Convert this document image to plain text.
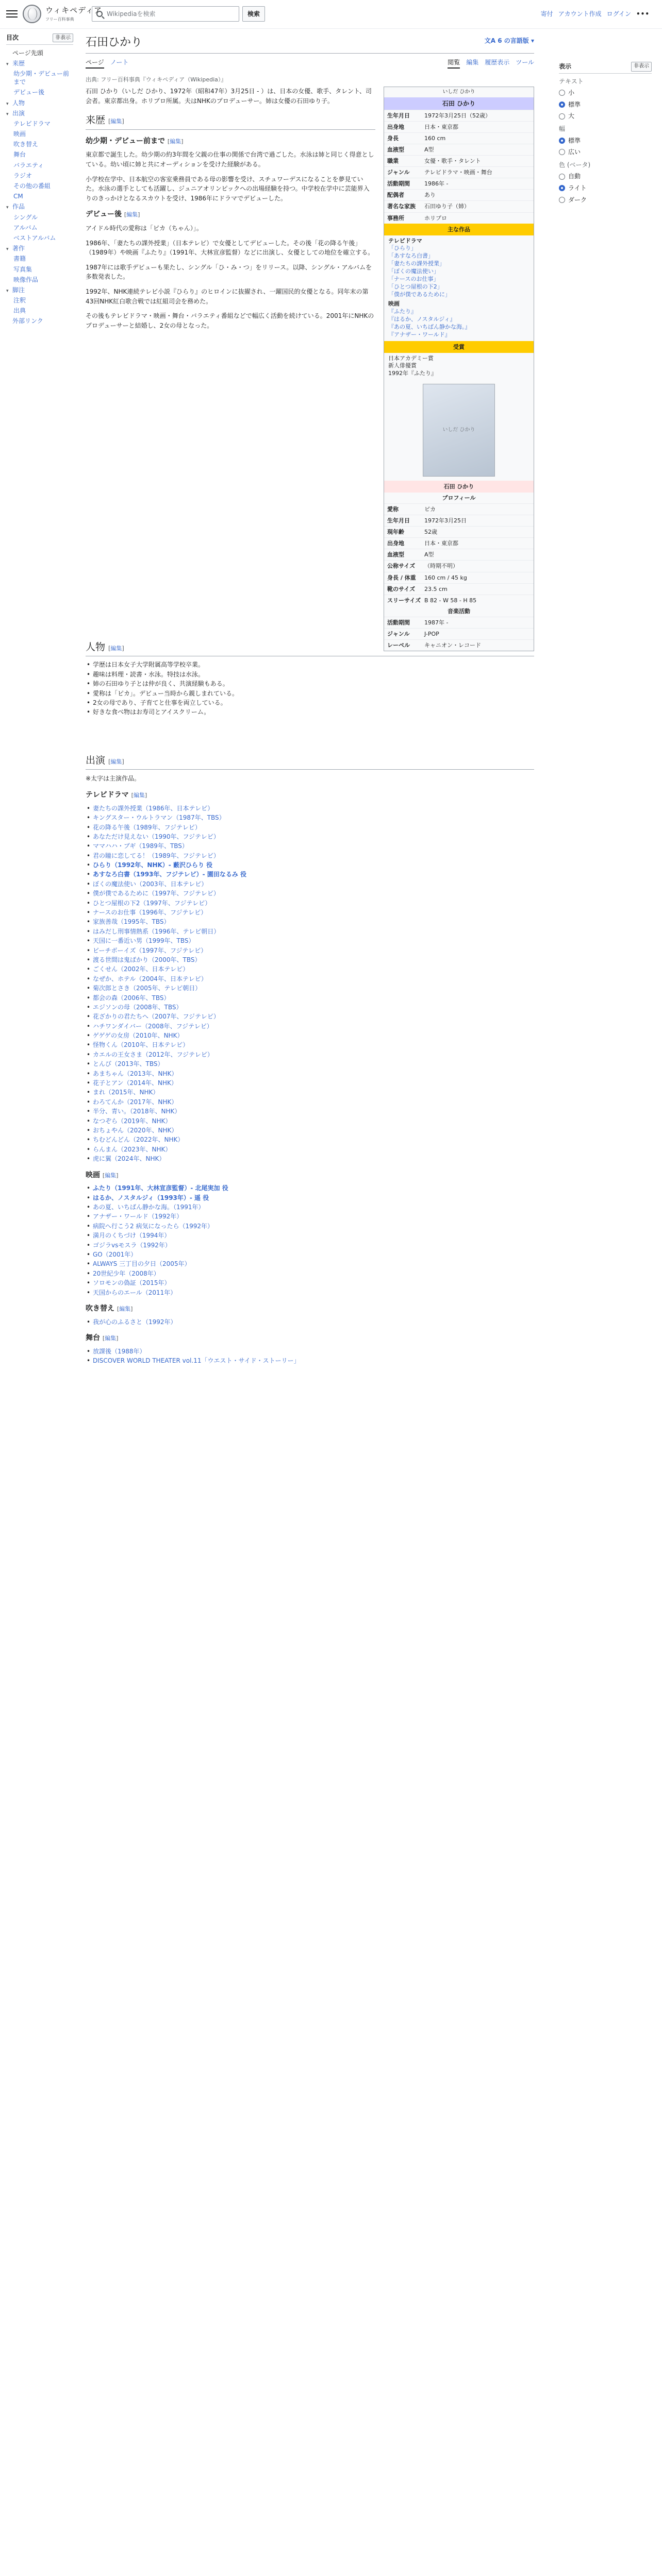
ウィキペディア
フリー百科事典
Wikipediaを検索	検索	寄付 アカウント作成 ログイン •••
目次	非表示
ページ先頭
▾ 来歴
幼少期・デビュー前まで
デビュー後
▾ 人物
▾ 出演
テレビドラマ
映画
吹き替え
舞台
バラエティ
ラジオ
その他の番組
CM
▾ 作品
シングル
アルバム
ベストアルバム
▾ 著作
書籍
写真集
映像作品
▾ 脚注
注釈
出典
外部リンク
石田ひかり	文A 6 の言語版 ▾
ページ ノート	閲覧 編集 履歴表示 ツール
出典: フリー百科事典『ウィキペディア（Wikipedia）』
表示	非表示
テキスト
小
標準
大
幅
標準
広い
色 (ベータ)
自動
ライト
ダーク

石田 ひかり（いしだ ひかり、1972年（昭和47年）3月25日 - ）は、日本の女優、歌手、タレント、司会者。東京都出身。ホリプロ所属。夫はNHKのプロデューサー。姉は女優の石田ゆり子。

来歴 [編集]
幼少期・デビュー前まで [編集]

東京都で誕生した。幼少期の約3年間を父親の仕事の関係で台湾で過ごした。水泳は姉と同じく得意としている。幼い頃に姉と共にオーディションを受けた経験がある。

小学校在学中、日本航空の客室乗務員である母の影響を受け、スチュワーデスになることを夢見ていた。水泳の選手としても活躍し、ジュニアオリンピックへの出場経験を持つ。中学校在学中に芸能界入りのきっかけとなるスカウトを受け、1986年にドラマでデビューした。

デビュー後 [編集]

アイドル時代の愛称は「ピカ（ちゃん）」。

1986年、「妻たちの課外授業」（日本テレビ）で女優としてデビューした。その後「花の降る午後」（1989年）や映画『ふたり』（1991年、大林宣彦監督）などに出演し、女優としての地位を確立する。

1987年には歌手デビューも果たし、シングル「ひ・み・つ」をリリース。以降、シングル・アルバムを多数発表した。

1992年、NHK連続テレビ小説『ひらり』のヒロインに抜擢され、一躍国民的女優となる。同年末の第43回NHK紅白歌合戦では紅組司会を務めた。

その後もテレビドラマ・映画・舞台・バラエティ番組などで幅広く活動を続けている。2001年にNHKのプロデューサーと結婚し、2女の母となった。

いしだ ひかり
石田 ひかり
生年月日	1972年3月25日（52歳）
出身地	日本・東京都
身長	160 cm
血液型	A型
職業	女優・歌手・タレント
ジャンル	テレビドラマ・映画・舞台
活動期間	1986年 -
配偶者	あり
著名な家族	石田ゆり子（姉）
事務所	ホリプロ
主な作品
テレビドラマ
「ひらり」
「あすなろ白書」
「妻たちの課外授業」
「ぼくの魔法使い」
「ナースのお仕事」
「ひとつ屋根の下2」
「僕が僕であるために」
映画
『ふたり』
『はるか、ノスタルジィ』
『あの夏、いちばん静かな海。』
『アナザー・ワールド』
受賞
日本アカデミー賞
新人俳優賞
1992年『ふたり』
いしだ ひかり
石田 ひかり
プロフィール
愛称	ピカ
生年月日	1972年3月25日
現年齢	52歳
出身地	日本・東京都
血液型	A型
公称サイズ	（時期不明）
身長 / 体重	160 cm / 45 kg
靴のサイズ	23.5 cm
スリーサイズ B 82 - W 58 - H 85
音楽活動
活動期間	1987年 -
ジャンル	J-POP
レーベル	キャニオン・レコード
人物 [編集]
• 学歴は日本女子大学附属高等学校卒業。
• 趣味は料理・読書・水泳。特技は水泳。
• 姉の石田ゆり子とは仲が良く、共演経験もある。
• 愛称は「ピカ」。デビュー当時から親しまれている。
• 2女の母であり、子育てと仕事を両立している。
• 好きな食べ物はお寿司とアイスクリーム。
出演 [編集]

※太字は主演作品。

テレビドラマ [編集]
• 妻たちの課外授業（1986年、日本テレビ）
• キングスター・ウルトラマン（1987年、TBS）
• 花の降る午後（1989年、フジテレビ）
• あなただけ見えない（1990年、フジテレビ）
• ママハハ・ブギ（1989年、TBS）
• 君の瞳に恋してる！（1989年、フジテレビ）
• ひらり（1992年、NHK）- 藪沢ひらり 役
• あすなろ白書（1993年、フジテレビ）- 園田なるみ 役
• ぼくの魔法使い（2003年、日本テレビ）
• 僕が僕であるために（1997年、フジテレビ）
• ひとつ屋根の下2（1997年、フジテレビ）
• ナースのお仕事（1996年、フジテレビ）
• 家族善哉（1995年、TBS）
• はみだし刑事情熱系（1996年、テレビ朝日）
• 天国に一番近い男（1999年、TBS）
• ビーチボーイズ（1997年、フジテレビ）
• 渡る世間は鬼ばかり（2000年、TBS）
• ごくせん（2002年、日本テレビ）
• なぜか、ホテル（2004年、日本テレビ）
• 菊次郎とさき（2005年、テレビ朝日）
• 都会の森（2006年、TBS）
• エジソンの母（2008年、TBS）
• 花ざかりの君たちへ（2007年、フジテレビ）
• ハチワンダイバー（2008年、フジテレビ）
• ゲゲゲの女房（2010年、NHK）
• 怪物くん（2010年、日本テレビ）
• カエルの王女さま（2012年、フジテレビ）
• とんび（2013年、TBS）
• あまちゃん（2013年、NHK）
• 花子とアン（2014年、NHK）
• まれ（2015年、NHK）
• わろてんか（2017年、NHK）
• 半分、青い。（2018年、NHK）
• なつぞら（2019年、NHK）
• おちょやん（2020年、NHK）
• ちむどんどん（2022年、NHK）
• らんまん（2023年、NHK）
• 虎に翼（2024年、NHK）
映画 [編集]
• ふたり（1991年、大林宣彦監督）- 北尾実加 役
• はるか、ノスタルジィ（1993年）- 遥 役
• あの夏、いちばん静かな海。（1991年）
• アナザー・ワールド（1992年）
• 病院へ行こう2 病気になったら（1992年）
• 満月のくちづけ（1994年）
• ゴジラvsモスラ（1992年）
• GO（2001年）
• ALWAYS 三丁目の夕日（2005年）
• 20世紀少年（2008年）
• ソロモンの偽証（2015年）
• 天国からのエール（2011年）
吹き替え [編集]
• 我が心のふるさと（1992年）
舞台 [編集]
• 放課後（1988年）
• DISCOVER WORLD THEATER vol.11「ウエスト・サイド・ストーリー」
